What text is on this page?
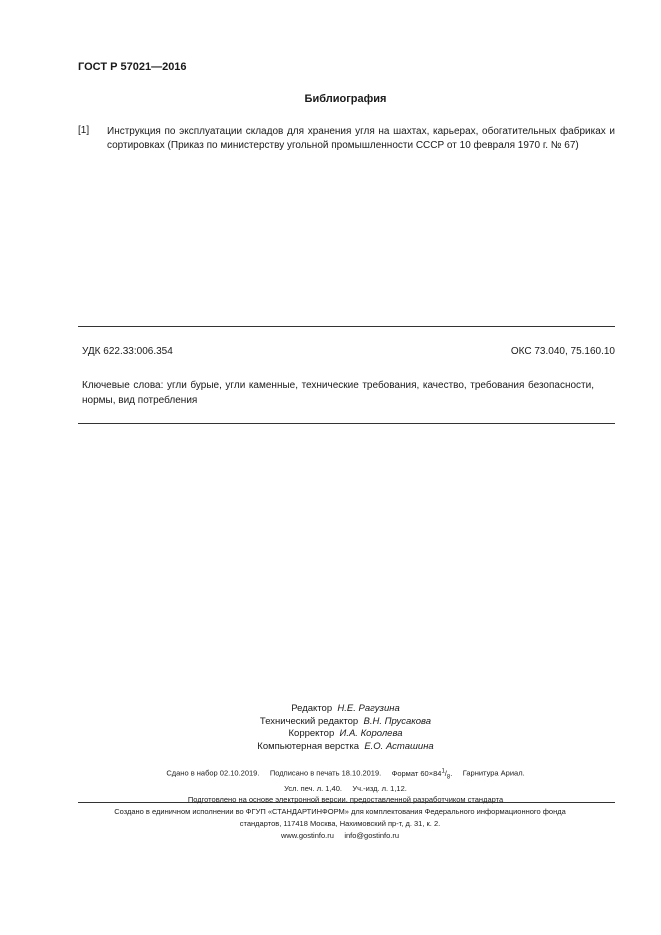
ГОСТ Р 57021—2016
Библиография
[1] Инструкция по эксплуатации складов для хранения угля на шахтах, карьерах, обогатительных фабриках и сортировках (Приказ по министерству угольной промышленности СССР от 10 февраля 1970 г. № 67)
УДК 622.33:006.354	ОКС 73.040, 75.160.10
Ключевые слова: угли бурые, угли каменные, технические требования, качество, требования безопасности, нормы, вид потребления
Редактор Н.Е. Рагузина
Технический редактор В.Н. Прусакова
Корректор И.А. Королева
Компьютерная верстка Е.О. Асташина
Сдано в набор 02.10.2019. Подписано в печать 18.10.2019. Формат $60\times 84^1/_8$. Гарнитура Ариал.
Усл. печ. л. 1,40. Уч.-изд. л. 1,12.
Подготовлено на основе электронной версии, предоставленной разработчиком стандарта
Создано в единичном исполнении во ФГУП «СТАНДАРТИНФОРМ» для комплектования Федерального информационного фонда
стандартов, 117418 Москва, Нахимовский пр-т, д. 31, к. 2.
www.gostinfo.ru info@gostinfo.ru
